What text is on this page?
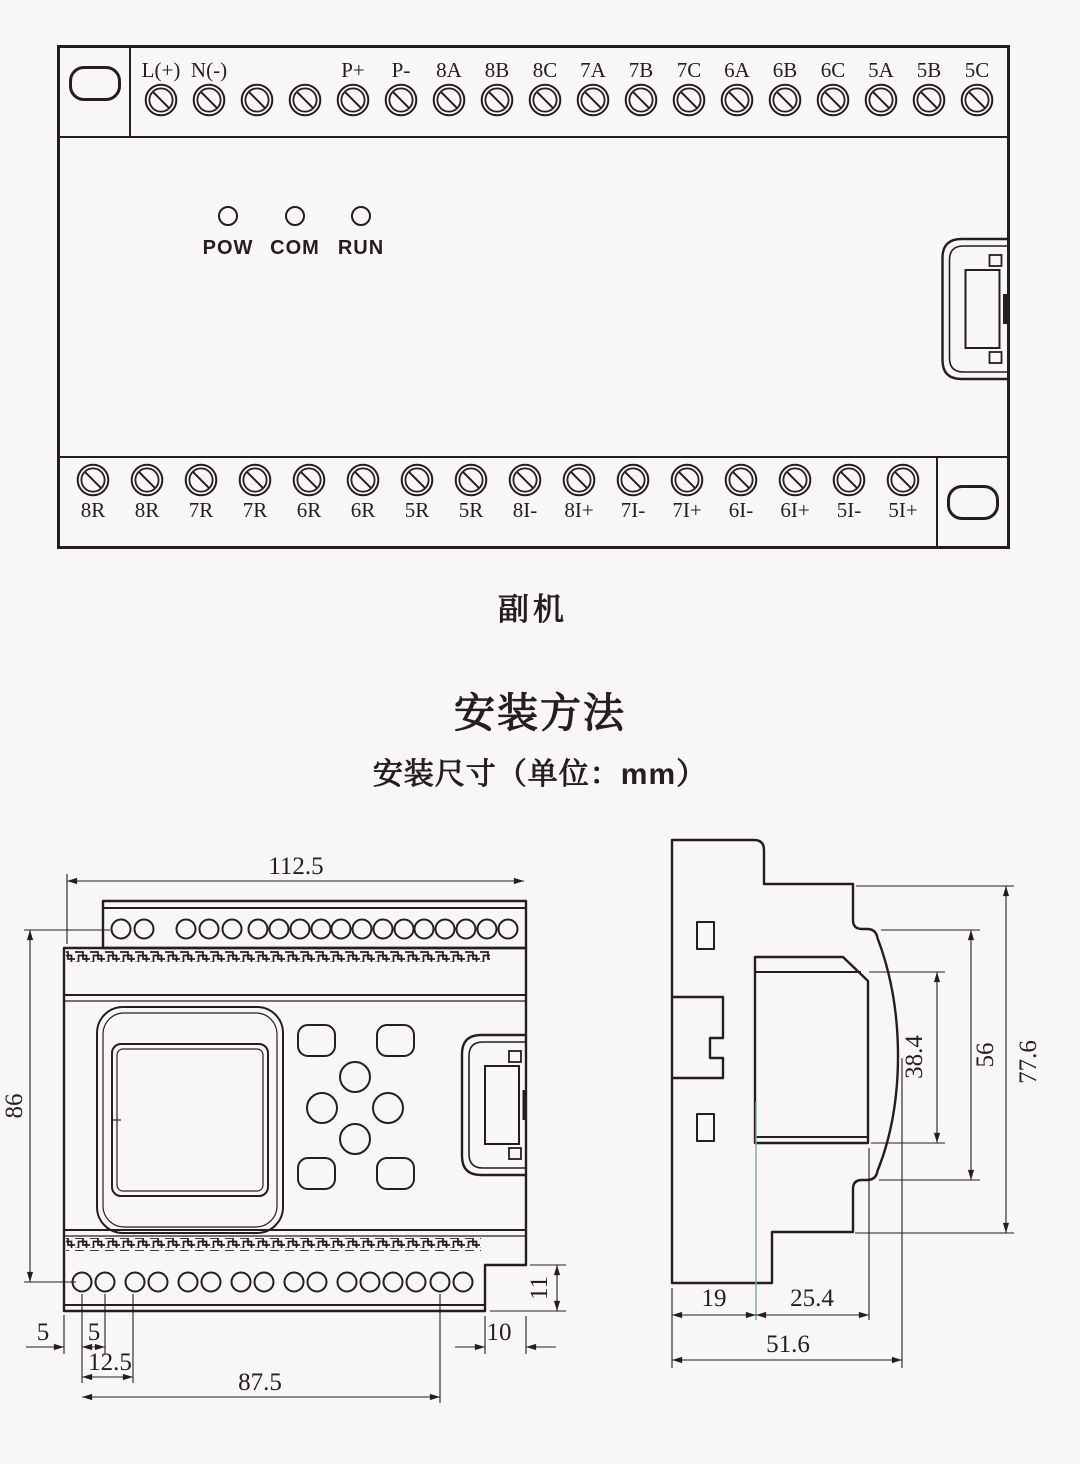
L(+) N(-)	P+ P- 8A 8B 8C 7A 7B 7C 6A 6B 6C 5A 5B 5C
POW COM RUN
8R 8R 7R 7R 6R 6R 5R 5R 8I- 8I+ 7I- 7I+ 6I- 6I+ 5I- 5I+
副机
安装方法
安装尺寸（单位：mm）
112.5
86
5 5
12.5
87.5
10
11
38.4 56 77.6
19	25.4
51.6
